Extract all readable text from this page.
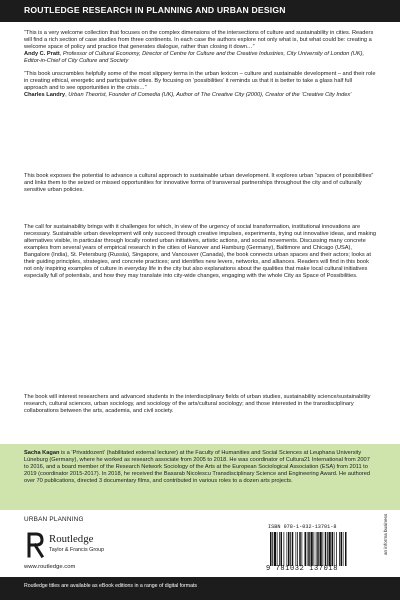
ROUTLEDGE RESEARCH IN PLANNING AND URBAN DESIGN

“This is a very welcome collection that focuses on the complex dimensions of the intersections of culture and sustainability in cities. Readers will find a rich section of case studies from three continents. In each case the authors explore not only what is, but what could be: creating a welcome space of policy and practice that generates dialogue, rather than closing it down…”

Andy C. Pratt, Professor of Cultural Economy, Director of Centre for Culture and the Creative Industries, City University of London (UK), Editor-in-Chief of City Culture and Society

“This book unscrambles helpfully some of the most slippery terms in the urban lexicon – culture and sustainable development – and their role in creating ethical, energetic and participative cities. By focusing on ‘possibilities’ it reminds us that it is better to take a glass half full approach and to see opportunities in the crisis…”

Charles Landry, Urban Theorist, Founder of Comedia (UK), Author of The Creative City (2000), Creator of the ‘Creative City Index’

This book exposes the potential to advance a cultural approach to sustainable urban development. It explores urban “spaces of possibilities” and links them to the seized or missed opportunities for innovative forms of transversal partnerships throughout the city and of culturally sensitive urban policies.

The call for sustainability brings with it challenges for which, in view of the urgency of social transformation, institutional innovations are necessary. Sustainable urban development will only succeed through creative impulses, experiments, trying out innovative ideas, and making alternatives visible, in particular through locally rooted urban initiatives, artistic actions, and social movements. Discussing many concrete examples from several years of empirical research in the cities of Hanover and Hamburg (Germany), Baltimore and Chicago (USA), Bangalore (India), St. Petersburg (Russia), Singapore, and Vancouver (Canada), the book connects urban spaces and their actors; looks at their guiding principles, strategies, and concrete practices; and identifies new levers, networks, and alliances. Readers will find in this book not only inspiring examples of culture in everyday life in the city but also explanations about the qualities that make local cultural initiatives especially full of potentials, and how they may translate into city-wide changes, engaging with the whole City as Space of Possibilities.

The book will interest researchers and advanced students in the interdisciplinary fields of urban studies, sustainability science/sustainability research, cultural sciences, urban sociology, and sociology of the arts/cultural sociology; and those interested in the transdisciplinary collaborations between the arts, academia, and civil society.

Sacha Kagan is a ‘Privatdozent’ (habilitated external lecturer) at the Faculty of Humanities and Social Sciences at Leuphana University Lüneburg (Germany), where he worked as research associate from 2005 to 2018. He was coordinator of Cultura21 International from 2007 to 2016, and a board member of the Research Network Sociology of the Arts at the European Sociological Association (ESA) from 2011 to 2019 (coordinator 2015-2017). In 2018, he received the Basarab Nicolescu Transdisciplinary Science and Engineering Award. He authored over 70 publications, directed 3 documentary films, and contributed in various roles to a dozen arts projects.

URBAN PLANNING
Routledge
Taylor & Francis Group
www.routledge.com
ISBN 978-1-032-13701-8
9 781032 137018
an informa business
Routledge titles are available as eBook editions in a range of digital formats
